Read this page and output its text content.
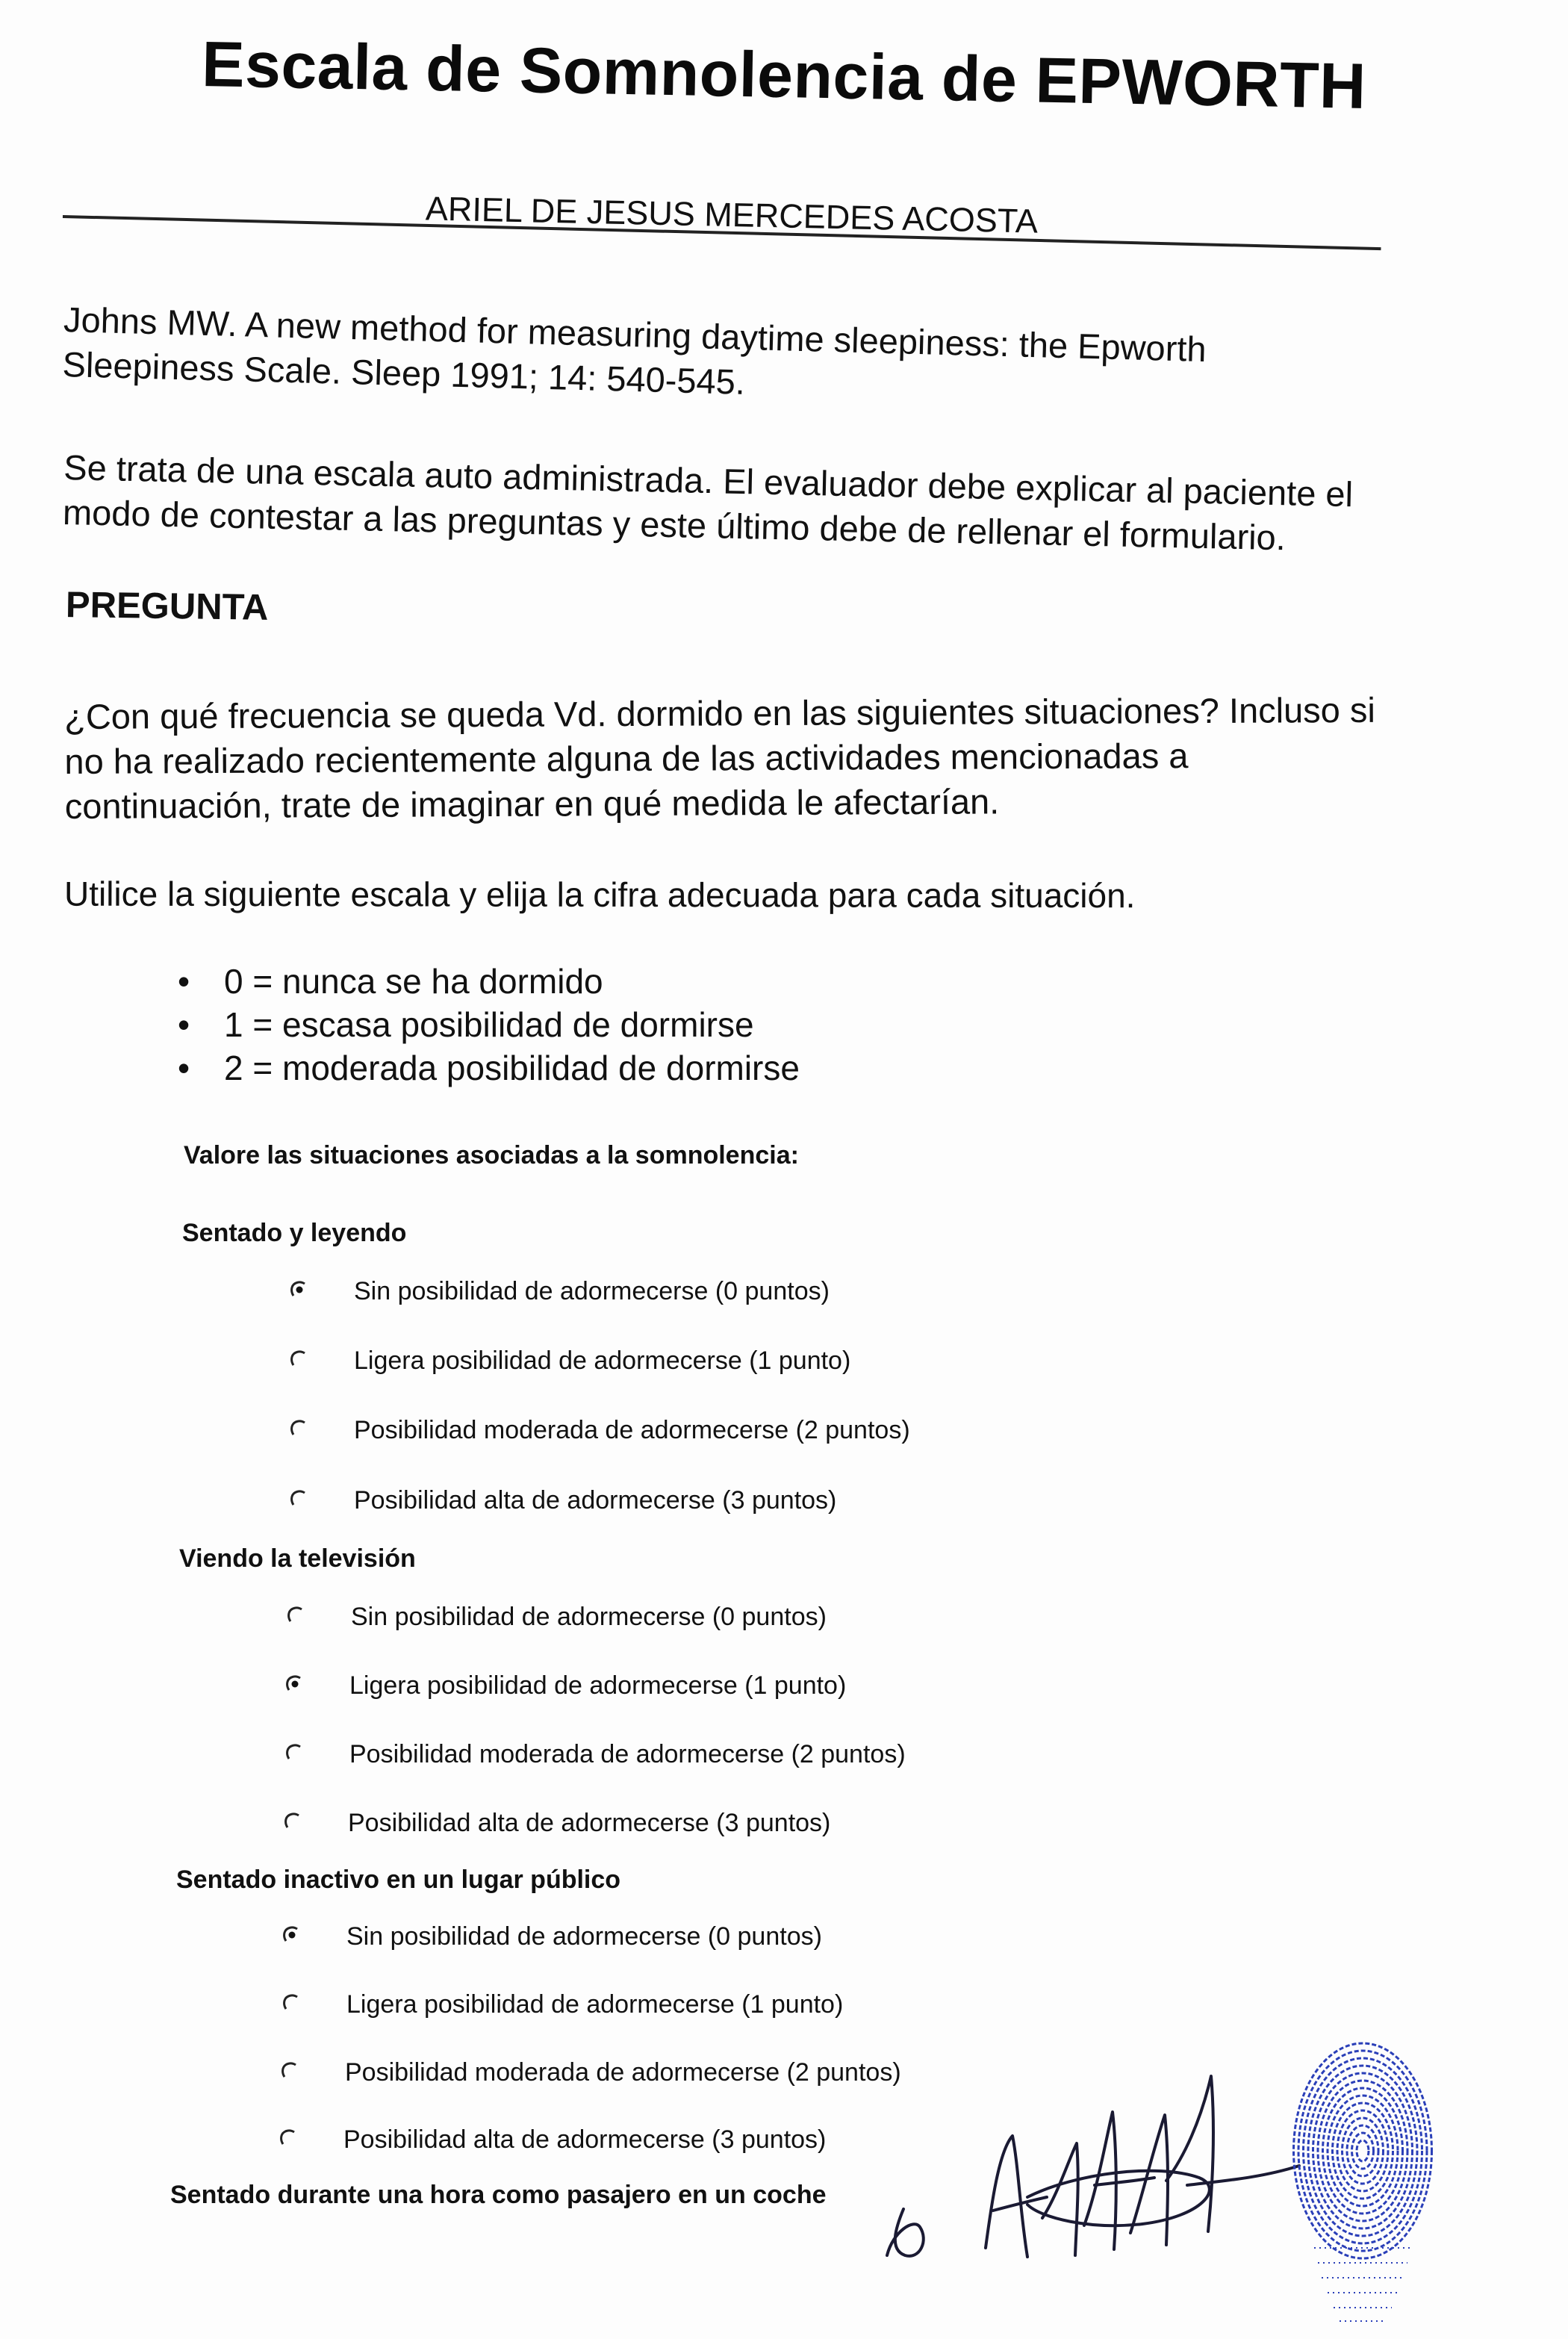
Escala de Somnolencia de EPWORTH
ARIEL DE JESUS MERCEDES ACOSTA
Johns MW. A new method for measuring daytime sleepiness: the Epworth Sleepiness Scale. Sleep 1991; 14: 540-545.
Se trata de una escala auto administrada. El evaluador debe explicar al paciente el modo de contestar a las preguntas y este último debe de rellenar el formulario.
PREGUNTA
¿Con qué frecuencia se queda Vd. dormido en las siguientes situaciones? Incluso si no ha realizado recientemente alguna de las actividades mencionadas a continuación, trate de imaginar en qué medida le afectarían.
Utilice la siguiente escala y elija la cifra adecuada para cada situación.
• 0 = nunca se ha dormido
• 1 = escasa posibilidad de dormirse
• 2 = moderada posibilidad de dormirse
Valore las situaciones asociadas a la somnolencia:
Sentado y leyendo
Sin posibilidad de adormecerse (0 puntos)
Ligera posibilidad de adormecerse (1 punto)
Posibilidad moderada de adormecerse (2 puntos)
Posibilidad alta de adormecerse (3 puntos)
Viendo la televisión
Sin posibilidad de adormecerse (0 puntos)
Ligera posibilidad de adormecerse (1 punto)
Posibilidad moderada de adormecerse (2 puntos)
Posibilidad alta de adormecerse (3 puntos)
Sentado inactivo en un lugar público
Sin posibilidad de adormecerse (0 puntos)
Ligera posibilidad de adormecerse (1 punto)
Posibilidad moderada de adormecerse (2 puntos)
Posibilidad alta de adormecerse (3 puntos)
Sentado durante una hora como pasajero en un coche
